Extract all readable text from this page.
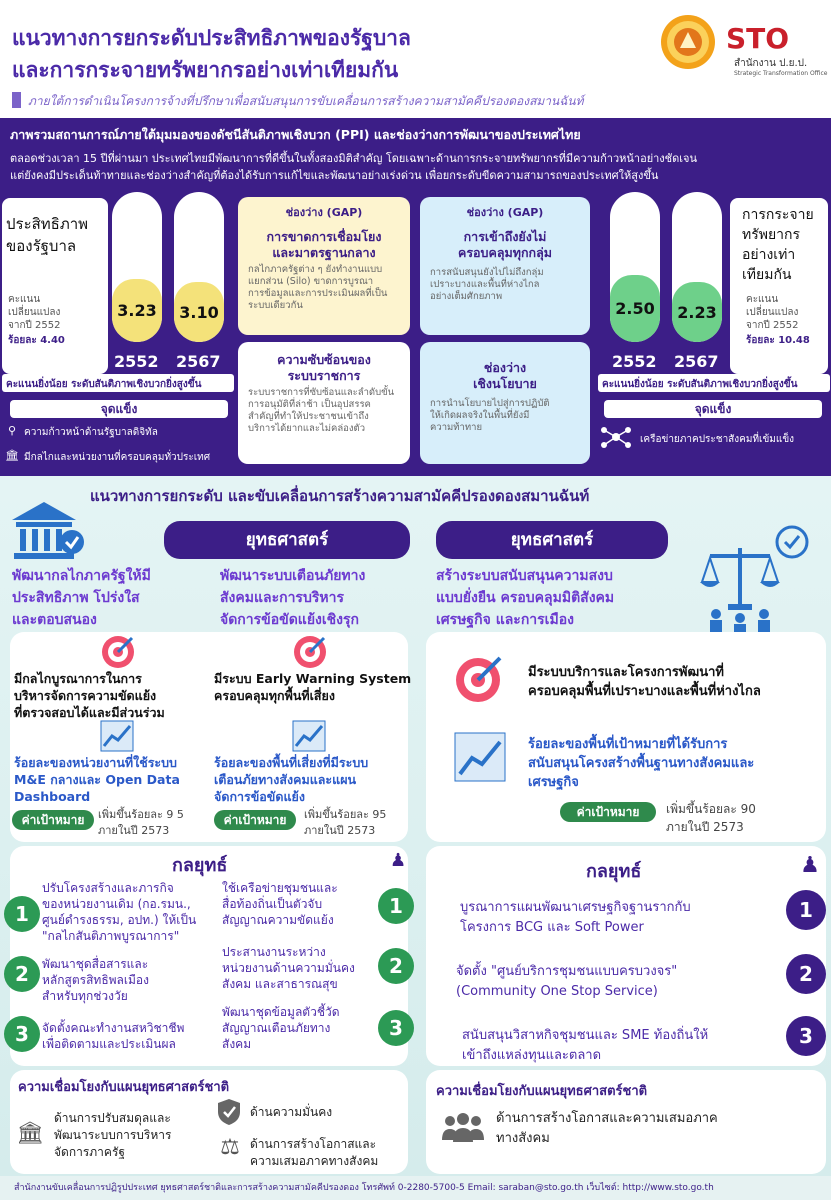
แนวทางการยกระดับประสิทธิภาพของรัฐบาล
และการกระจายทรัพยากรอย่างเท่าเทียมกัน
ภายใต้การดำเนินโครงการจ้างที่ปรึกษาเพื่อสนับสนุนการขับเคลื่อนการสร้างความสามัคคีปรองดองสมานฉันท์
STO
สำนักงาน ป.ย.ป.
Strategic Transformation Office
ภาพรวมสถานการณ์ภายใต้มุมมองของดัชนีสันติภาพเชิงบวก (PPI) และช่องว่างการพัฒนาของประเทศไทย
ตลอดช่วงเวลา 15 ปีที่ผ่านมา ประเทศไทยมีพัฒนาการที่ดีขึ้นในทั้งสองมิติสำคัญ โดยเฉพาะด้านการกระจายทรัพยากรที่มีความก้าวหน้าอย่างชัดเจน
แต่ยังคงมีประเด็นท้าทายและช่องว่างสำคัญที่ต้องได้รับการแก้ไขและพัฒนาอย่างเร่งด่วน เพื่อยกระดับขีดความสามารถของประเทศให้สูงขึ้น
ประสิทธิภาพ
ของรัฐบาล
คะแนน
เปลี่ยนแปลง
จากปี 2552
ร้อยละ 4.40
3.23 3.10
2552 2567
คะแนนยิ่งน้อย ระดับสันติภาพเชิงบวกยิ่งสูงขึ้น
จุดแข็ง
⚲ ความก้าวหน้าด้านรัฐบาลดิจิทัล
🏛 มีกลไกและหน่วยงานที่ครอบคลุมทั่วประเทศ
ช่องว่าง (GAP)
การขาดการเชื่อมโยง
และมาตรฐานกลาง
กลไกภาครัฐต่าง ๆ ยังทำงานแบบ
แยกส่วน (Silo) ขาดการบูรณา
การข้อมูลและการประเมินผลที่เป็น
ระบบเดียวกัน
ช่องว่าง (GAP)
การเข้าถึงยังไม่
ครอบคลุมทุกกลุ่ม
การสนับสนุนยังไปไม่ถึงกลุ่ม
เปราะบางและพื้นที่ห่างไกล
อย่างเต็มศักยภาพ
ความซับซ้อนของ
ระบบราชการ
ระบบราชการที่ซับซ้อนและลำดับขั้น
การอนุมัติที่ล่าช้า เป็นอุปสรรค
สำคัญที่ทำให้ประชาชนเข้าถึง
บริการได้ยากและไม่คล่องตัว
ช่องว่าง
เชิงนโยบาย
การนำนโยบายไปสู่การปฏิบัติ
ให้เกิดผลจริงในพื้นที่ยังมี
ความท้าทาย
2.50 2.23
2552 2567
การกระจาย
ทรัพยากร
อย่างเท่า
เทียมกัน
คะแนน
เปลี่ยนแปลง
จากปี 2552
ร้อยละ 10.48
คะแนนยิ่งน้อย ระดับสันติภาพเชิงบวกยิ่งสูงขึ้น
จุดแข็ง
เครือข่ายภาคประชาสังคมที่เข้มแข็ง
แนวทางการยกระดับ และขับเคลื่อนการสร้างความสามัคคีปรองดองสมานฉันท์
ยุทธศาสตร์	ยุทธศาสตร์
พัฒนากลไกภาครัฐให้มี
ประสิทธิภาพ โปร่งใส
และตอบสนอง
พัฒนาระบบเตือนภัยทาง
สังคมและการบริหาร
จัดการข้อขัดแย้งเชิงรุก
สร้างระบบสนับสนุนความสงบ
แบบยั่งยืน ครอบคลุมมิติสังคม
เศรษฐกิจ และการเมือง
มีกลไกบูรณาการในการ
บริหารจัดการความขัดแย้ง
ที่ตรวจสอบได้และมีส่วนร่วม
มีระบบ Early Warning System
ครอบคลุมทุกพื้นที่เสี่ยง
ร้อยละของหน่วยงานที่ใช้ระบบ
M&E กลางและ Open Data
Dashboard
ร้อยละของพื้นที่เสี่ยงที่มีระบบ
เตือนภัยทางสังคมและแผน
จัดการข้อขัดแย้ง
ค่าเป้าหมาย	เพิ่มขึ้นร้อยละ 9 5
ภายในปี 2573
ค่าเป้าหมาย	เพิ่มขึ้นร้อยละ 95
ภายในปี 2573
มีระบบบริการและโครงการพัฒนาที่
ครอบคลุมพื้นที่เปราะบางและพื้นที่ห่างไกล
ร้อยละของพื้นที่เป้าหมายที่ได้รับการ
สนับสนุนโครงสร้างพื้นฐานทางสังคมและ
เศรษฐกิจ
ค่าเป้าหมาย	เพิ่มขึ้นร้อยละ 90
ภายในปี 2573
กลยุทธ์	♟
กลยุทธ์	♟
1
ปรับโครงสร้างและภารกิจ
ของหน่วยงานเดิม (กอ.รมน.,
ศูนย์ดำรงธรรม, อปท.) ให้เป็น
"กลไกสันติภาพบูรณาการ"
2	พัฒนาชุดสื่อสารและ
หลักสูตรสิทธิพลเมือง
สำหรับทุกช่วงวัย
3	จัดตั้งคณะทำงานสหวิชาชีพ
เพื่อติดตามและประเมินผล
ใช้เครือข่ายชุมชนและ
สื่อท้องถิ่นเป็นตัวจับ
สัญญาณความขัดแย้ง
1
ประสานงานระหว่าง
หน่วยงานด้านความมั่นคง
สังคม และสาธารณสุข
2
พัฒนาชุดข้อมูลตัวชี้วัด
สัญญาณเตือนภัยทาง
สังคม
3
บูรณาการแผนพัฒนาเศรษฐกิจฐานรากกับ
โครงการ BCG และ Soft Power
1
จัดตั้ง "ศูนย์บริการชุมชนแบบครบวงจร"
(Community One Stop Service)
2
สนับสนุนวิสาหกิจชุมชนและ SME ท้องถิ่นให้
เข้าถึงแหล่งทุนและตลาด
3
ความเชื่อมโยงกับแผนยุทธศาสตร์ชาติ	ความเชื่อมโยงกับแผนยุทธศาสตร์ชาติ
🏛
ด้านการปรับสมดุลและ
พัฒนาระบบการบริหาร
จัดการภาครัฐ
ด้านความมั่นคง
⚖ ด้านการสร้างโอกาสและ
ความเสมอภาคทางสังคม
ด้านการสร้างโอกาสและความเสมอภาค
ทางสังคม
สำนักงานขับเคลื่อนการปฏิรูปประเทศ ยุทธศาสตร์ชาติและการสร้างความสามัคคีปรองดอง โทรศัพท์ 0-2280-5700-5 Email: saraban@sto.go.th เว็บไซต์: http://www.sto.go.th
